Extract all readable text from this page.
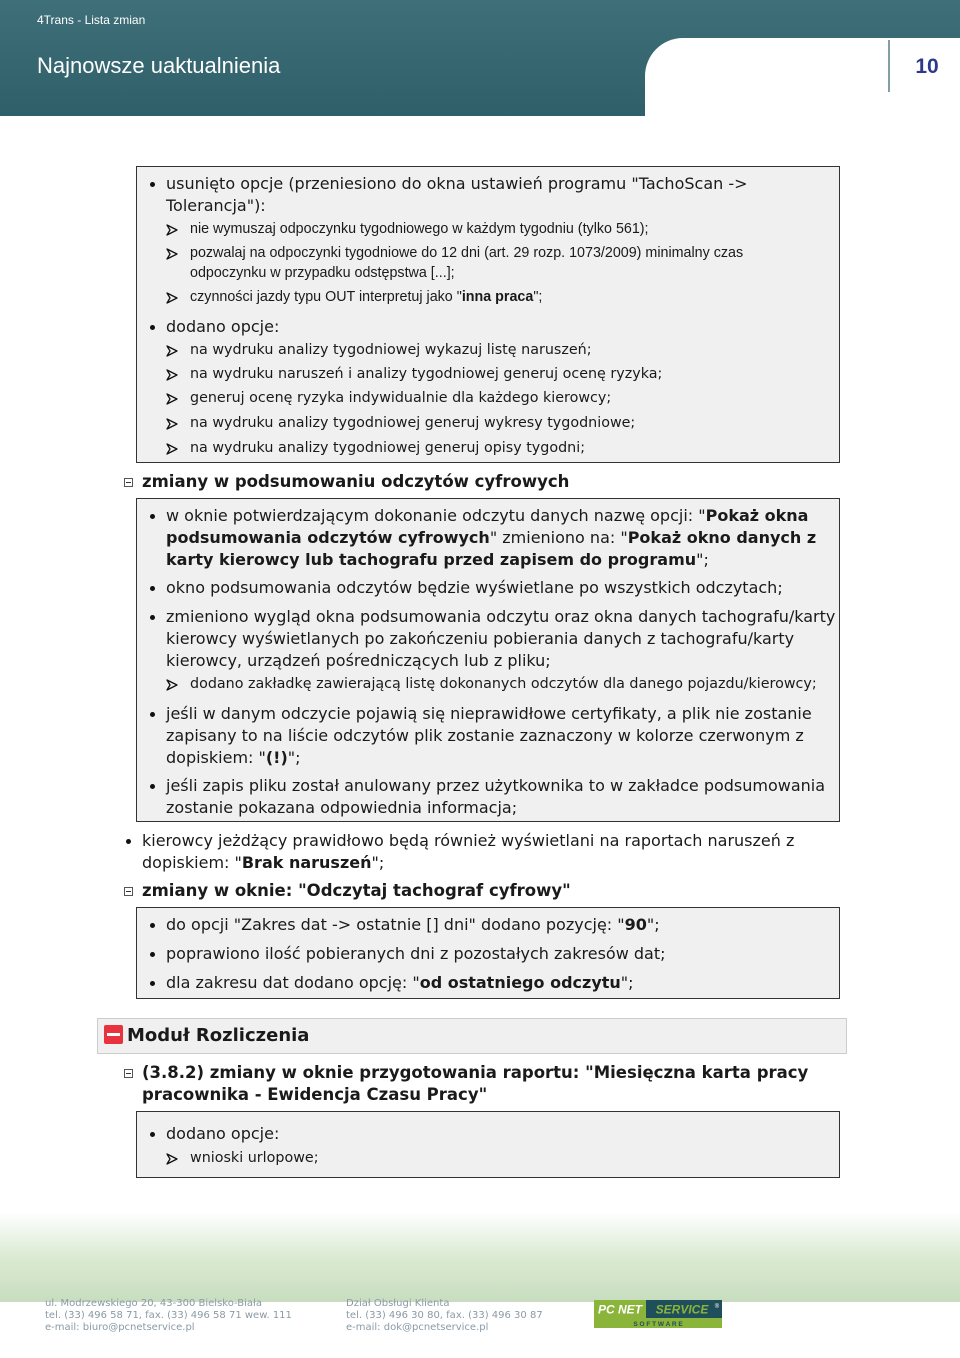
4Trans - Lista zmian
Najnowsze uaktualnienia	10
usunięto opcje (przeniesiono do okna ustawień programu "TachoScan ->
Tolerancja"):
nie wymuszaj odpoczynku tygodniowego w każdym tygodniu (tylko 561);
pozwalaj na odpoczynki tygodniowe do 12 dni (art. 29 rozp. 1073/2009) minimalny czas
odpoczynku w przypadku odstępstwa [...];
czynności jazdy typu OUT interpretuj jako "inna praca";
dodano opcje:
na wydruku analizy tygodniowej wykazuj listę naruszeń;
na wydruku naruszeń i analizy tygodniowej generuj ocenę ryzyka;
generuj ocenę ryzyka indywidualnie dla każdego kierowcy;
na wydruku analizy tygodniowej generuj wykresy tygodniowe;
na wydruku analizy tygodniowej generuj opisy tygodni;
zmiany w podsumowaniu odczytów cyfrowych
w oknie potwierdzającym dokonanie odczytu danych nazwę opcji: "Pokaż okna
podsumowania odczytów cyfrowych" zmieniono na: "Pokaż okno danych z
karty kierowcy lub tachografu przed zapisem do programu";
okno podsumowania odczytów będzie wyświetlane po wszystkich odczytach;
zmieniono wygląd okna podsumowania odczytu oraz okna danych tachografu/karty
kierowcy wyświetlanych po zakończeniu pobierania danych z tachografu/karty
kierowcy, urządzeń pośredniczących lub z pliku;
dodano zakładkę zawierającą listę dokonanych odczytów dla danego pojazdu/kierowcy;
jeśli w danym odczycie pojawią się nieprawidłowe certyfikaty, a plik nie zostanie
zapisany to na liście odczytów plik zostanie zaznaczony w kolorze czerwonym z
dopiskiem: "(!)";
jeśli zapis pliku został anulowany przez użytkownika to w zakładce podsumowania
zostanie pokazana odpowiednia informacja;
kierowcy jeżdżący prawidłowo będą również wyświetlani na raportach naruszeń z
dopiskiem: "Brak naruszeń";
zmiany w oknie: "Odczytaj tachograf cyfrowy"
do opcji "Zakres dat -> ostatnie [] dni" dodano pozycję: "90";
poprawiono ilość pobieranych dni z pozostałych zakresów dat;
dla zakresu dat dodano opcję: "od ostatniego odczytu";
Moduł Rozliczenia
(3.8.2) zmiany w oknie przygotowania raportu: "Miesięczna karta pracy
pracownika - Ewidencja Czasu Pracy"
dodano opcje:
wnioski urlopowe;
ul. Modrzewskiego 20, 43-300 Bielsko-Biała
tel. (33) 496 58 71, fax. (33) 496 58 71 wew. 111
e-mail: biuro@pcnetservice.pl
Dział Obsługi Klienta
tel. (33) 496 30 80, fax. (33) 496 30 87
e-mail: dok@pcnetservice.pl
PC NET SERVICE ®
S O F T W A R E
